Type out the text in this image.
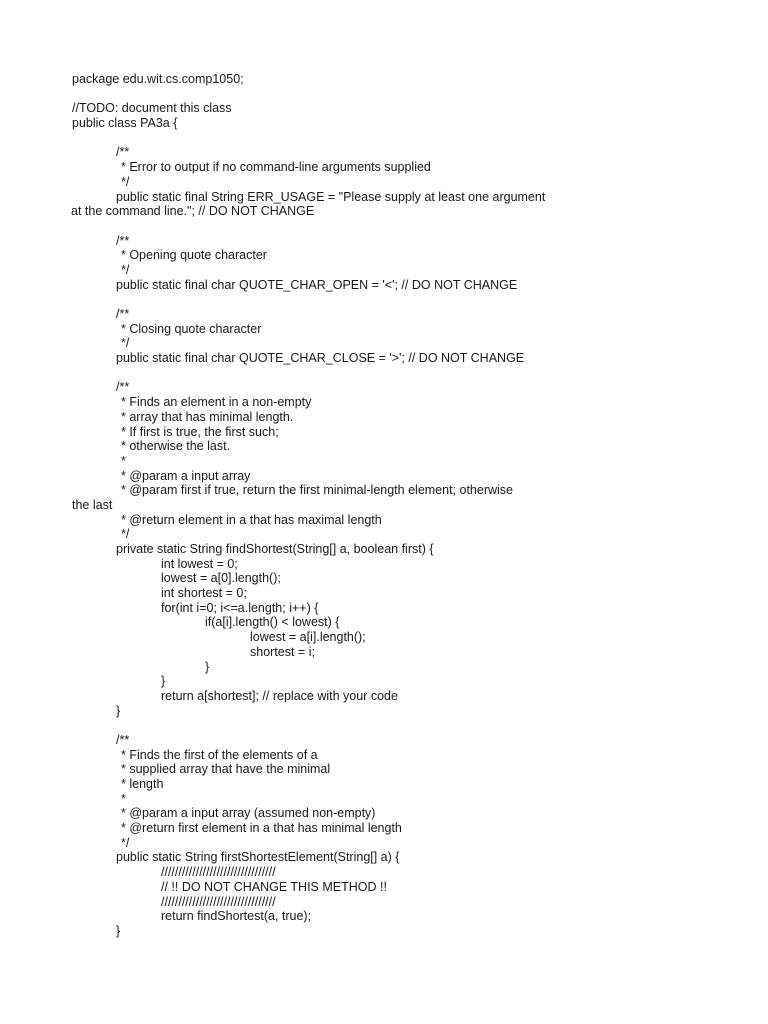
package edu.wit.cs.comp1050;
//TODO: document this class
public class PA3a {
/**
* Error to output if no command-line arguments supplied
*/
public static final String ERR_USAGE = "Please supply at least one argument
at the command line."; // DO NOT CHANGE
/**
* Opening quote character
*/
public static final char QUOTE_CHAR_OPEN = '<'; // DO NOT CHANGE
/**
* Closing quote character
*/
public static final char QUOTE_CHAR_CLOSE = '>'; // DO NOT CHANGE
/**
* Finds an element in a non-empty
* array that has minimal length.
* If first is true, the first such;
* otherwise the last.
*
* @param a input array
* @param first if true, return the first minimal-length element; otherwise
the last
* @return element in a that has maximal length
*/
private static String findShortest(String[] a, boolean first) {
int lowest = 0;
lowest = a[0].length();
int shortest = 0;
for(int i=0; i<=a.length; i++) {
if(a[i].length() < lowest) {
lowest = a[i].length();
shortest = i;
}
}
return a[shortest]; // replace with your code
}
/**
* Finds the first of the elements of a
* supplied array that have the minimal
* length
*
* @param a input array (assumed non-empty)
* @return first element in a that has minimal length
*/
public static String firstShortestElement(String[] a) {
/////////////////////////////////
// !! DO NOT CHANGE THIS METHOD !!
/////////////////////////////////
return findShortest(a, true);
}
